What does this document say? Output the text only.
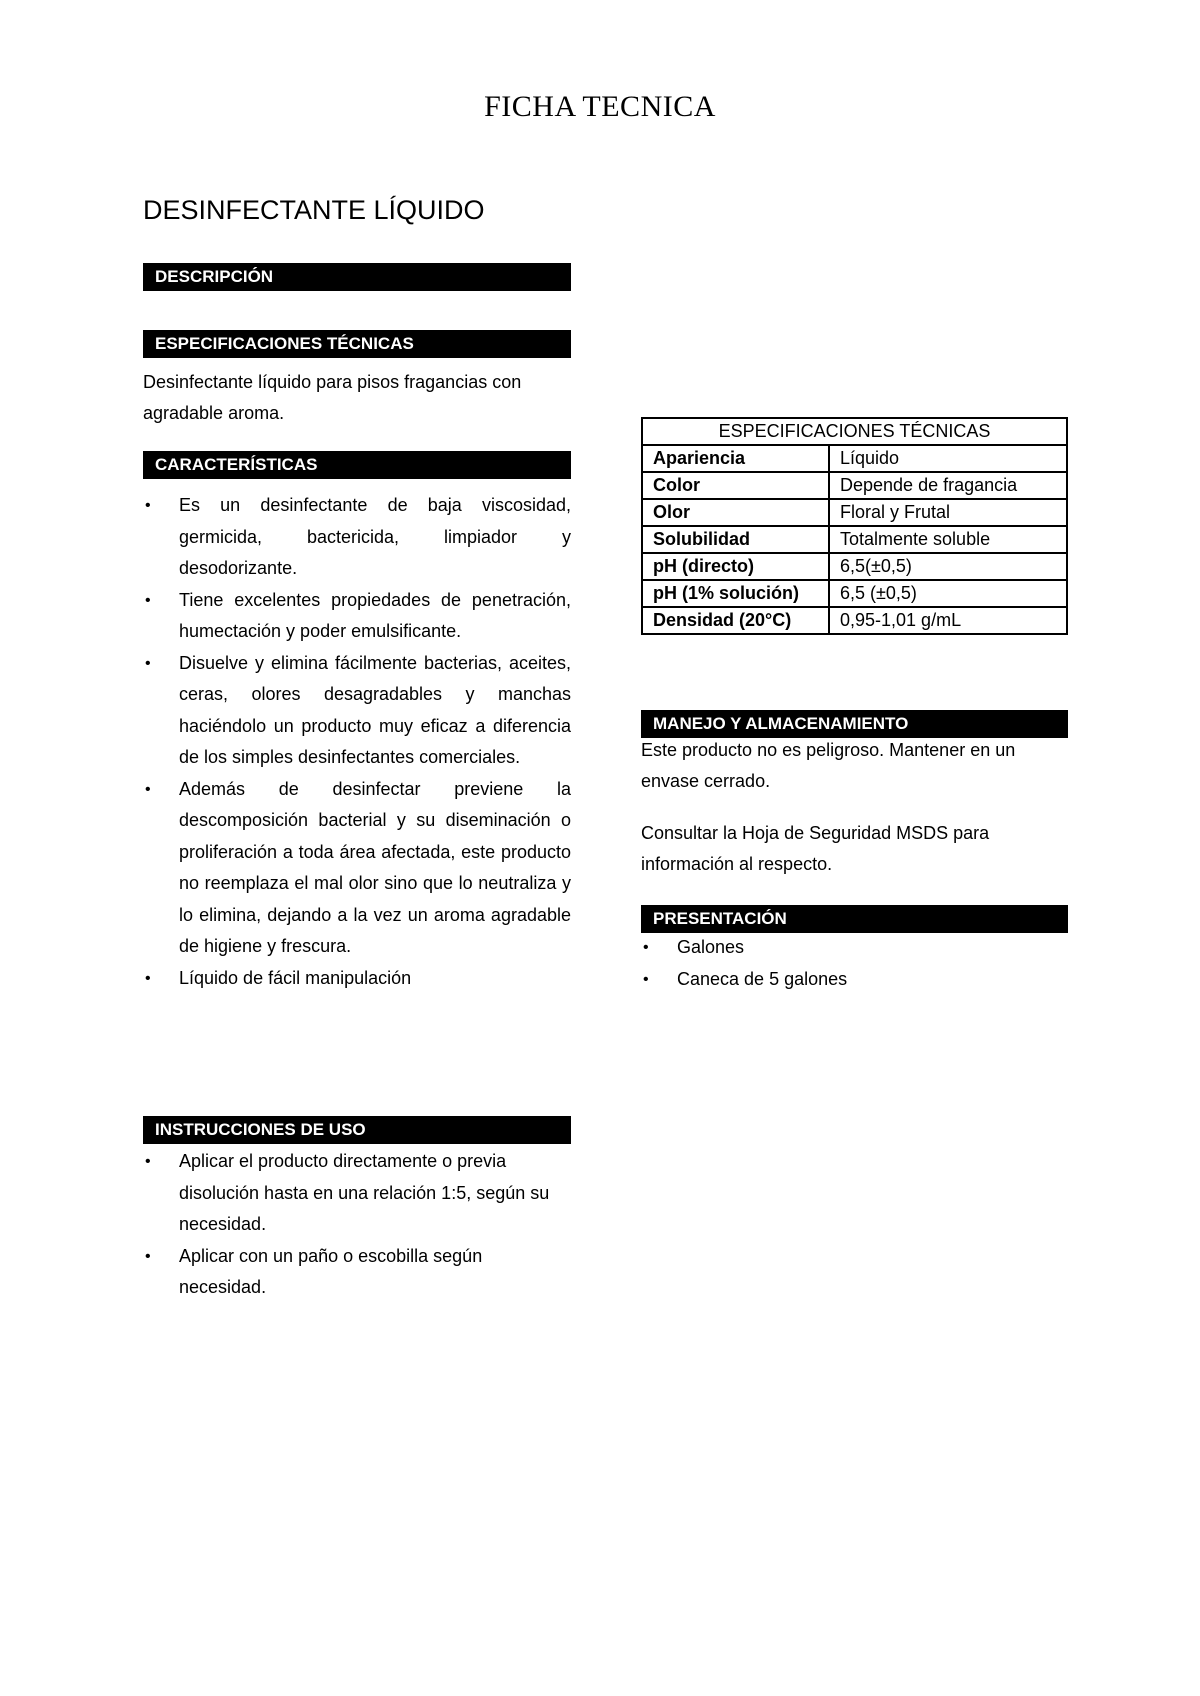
FICHA TECNICA
DESINFECTANTE LÍQUIDO
DESCRIPCIÓN
ESPECIFICACIONES TÉCNICAS
Desinfectante líquido para pisos fragancias con agradable aroma.
CARACTERÍSTICAS
• Es un desinfectante de baja viscosidad, germicida, bactericida, limpiador y desodorizante.
• Tiene excelentes propiedades de penetración, humectación y poder emulsificante.
• Disuelve y elimina fácilmente bacterias, aceites, ceras, olores desagradables y manchas haciéndolo un producto muy eficaz a diferencia de los simples desinfectantes comerciales.
• Además de desinfectar previene la descomposición bacterial y su diseminación o proliferación a toda área afectada, este producto no reemplaza el mal olor sino que lo neutraliza y lo elimina, dejando a la vez un aroma agradable de higiene y frescura.
• Líquido de fácil manipulación
INSTRUCCIONES DE USO
• Aplicar el producto directamente o previa disolución hasta en una relación 1:5, según su necesidad.
• Aplicar con un paño o escobilla según necesidad.
ESPECIFICACIONES TÉCNICAS	
Apariencia	Líquido
Color	Depende de fragancia
Olor	Floral y Frutal
Solubilidad	Totalmente soluble
pH (directo)	6,5(±0,5)
pH (1% solución)	6,5 (±0,5)
Densidad (20°C)	0,95-1,01 g/mL
MANEJO Y ALMACENAMIENTO
Este producto no es peligroso. Mantener en un envase cerrado.
Consultar la Hoja de Seguridad MSDS para información al respecto.
PRESENTACIÓN
• Galones
• Caneca de 5 galones
